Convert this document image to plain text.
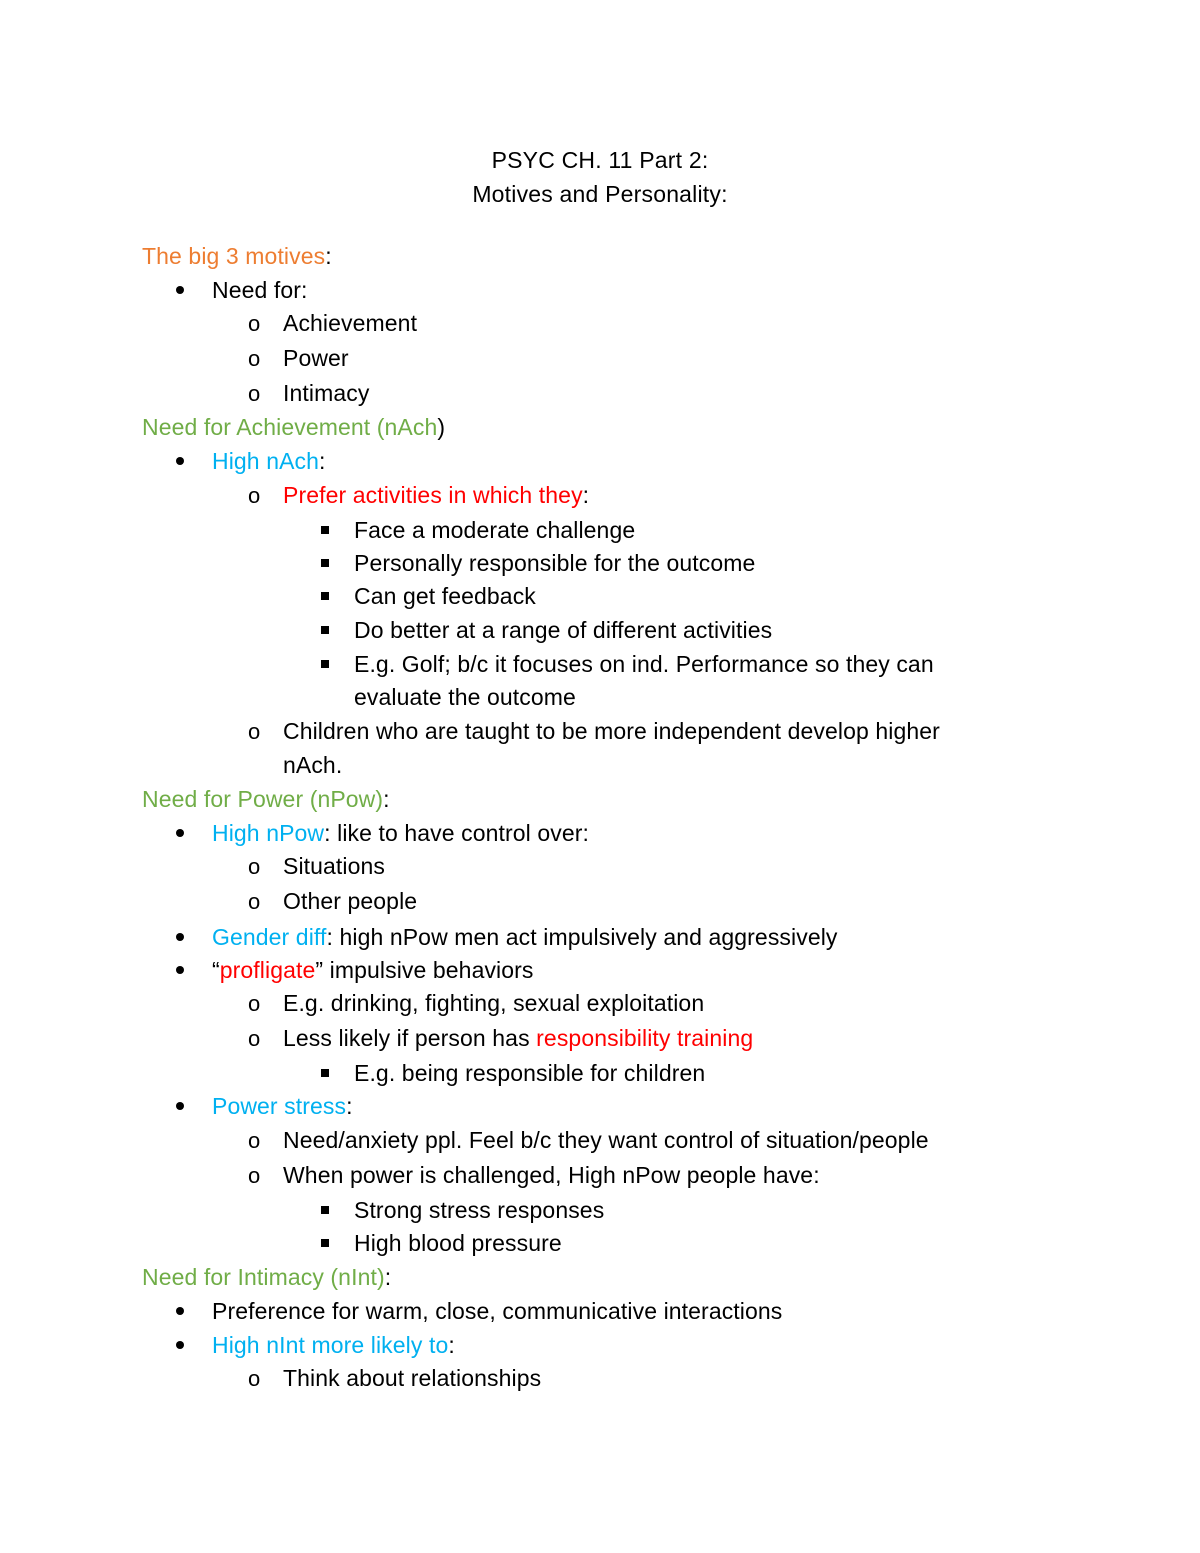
PSYC CH. 11 Part 2:
Motives and Personality:
The big 3 motives:
Need for:
o Achievement
o Power
o Intimacy
Need for Achievement (nAch)
High nAch:
o Prefer activities in which they:
Face a moderate challenge
Personally responsible for the outcome
Can get feedback
Do better at a range of different activities
E.g. Golf; b/c it focuses on ind. Performance so they can
evaluate the outcome
o Children who are taught to be more independent develop higher
nAch.
Need for Power (nPow):
High nPow: like to have control over:
o Situations
o Other people
Gender diff: high nPow men act impulsively and aggressively
“profligate” impulsive behaviors
o E.g. drinking, fighting, sexual exploitation
o Less likely if person has responsibility training
E.g. being responsible for children
Power stress:
o Need/anxiety ppl. Feel b/c they want control of situation/people
o When power is challenged, High nPow people have:
Strong stress responses
High blood pressure
Need for Intimacy (nInt):
Preference for warm, close, communicative interactions
High nInt more likely to:
o Think about relationships
